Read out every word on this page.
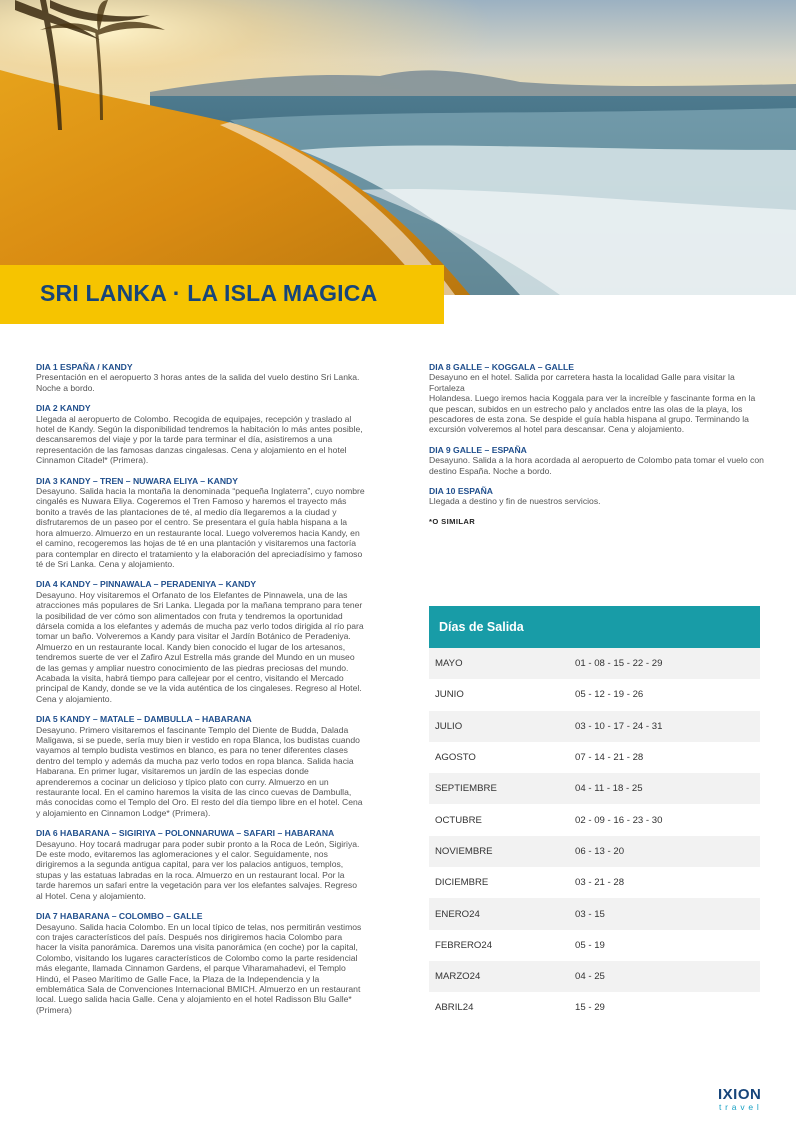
SRI LANKA · LA ISLA MAGICA
DIA 1 ESPAÑA / KANDY
Presentación en el aeropuerto 3 horas antes de la salida del vuelo destino Sri Lanka. Noche a bordo.
DIA 2 KANDY
Llegada al aeropuerto de Colombo. Recogida de equipajes, recepción y traslado al hotel de Kandy. Según la disponibilidad tendremos la habitación lo más antes posible, descansaremos del viaje y por la tarde para terminar el día, asistiremos a una representación de las famosas danzas cingalesas. Cena y alojamiento en el hotel Cinnamon Citadel* (Primera).
DIA 3 KANDY – TREN – NUWARA ELIYA – KANDY
Desayuno. Salida hacia la montaña la denominada “pequeña Inglaterra”, cuyo nombre cingalés es Nuwara Eliya. Cogeremos el Tren Famoso y haremos el trayecto más bonito a través de las plantaciones de té, al medio día llegaremos a la ciudad y disfrutaremos de un paseo por el centro. Se presentara el guía habla hispana a la hora almuerzo. Almuerzo en un restaurante local. Luego volveremos hacia Kandy, en el camino, recogeremos las hojas de té en una plantación y visitaremos una factoría para contemplar en directo el tratamiento y la elaboración del apreciadísimo y famoso té de Sri Lanka. Cena y alojamiento.
DIA 4 KANDY – PINNAWALA – PERADENIYA – KANDY
Desayuno. Hoy visitaremos el Orfanato de los Elefantes de Pinnawela, una de las atracciones más populares de Sri Lanka. Llegada por la mañana temprano para tener la posibilidad de ver cómo son alimentados con fruta y tendremos la oportunidad dársela comida a los elefantes y además de mucha paz verlo todos dirigida al río para tomar un baño. Volveremos a Kandy para visitar el Jardín Botánico de Peradeniya. Almuerzo en un restaurante local. Kandy bien conocido el lugar de los artesanos, tendremos suerte de ver el Zafiro Azul Estrella más grande del Mundo en un museo de las gemas y ampliar nuestro conocimiento de las piedras preciosas del mundo. Acabada la visita, habrá tiempo para callejear por el centro, visitando el Mercado principal de Kandy, donde se ve la vida auténtica de los cingaleses. Regreso al Hotel. Cena y alojamiento.
DIA 5 KANDY – MATALE – DAMBULLA – HABARANA
Desayuno. Primero visitaremos el fascinante Templo del Diente de Budda, Dalada Maligawa, si se puede, sería muy bien ir vestido en ropa Blanca, los budistas cuando vayamos al templo budista vestimos en blanco, es para no tener diferentes clases dentro del templo y además da mucha paz verlo todos en ropa blanca. Salida hacia Habarana. En primer lugar, visitaremos un jardín de las especias donde aprenderemos a cocinar un delicioso y típico plato con curry. Almuerzo en un restaurante local. En el camino haremos la visita de las cinco cuevas de Dambulla, más conocidas como el Templo del Oro. El resto del día tiempo libre en el hotel. Cena y alojamiento en Cinnamon Lodge* (Primera).
DIA 6 HABARANA – SIGIRIYA – POLONNARUWA – SAFARI – HABARANA
Desayuno. Hoy tocará madrugar para poder subir pronto a la Roca de León, Sigiriya. De este modo, evitaremos las aglomeraciones y el calor. Seguidamente, nos dirigiremos a la segunda antigua capital, para ver los palacios antiguos, templos, stupas y las estatuas labradas en la roca. Almuerzo en un restaurant local. Por la tarde haremos un safari entre la vegetación para ver los elefantes salvajes. Regreso al Hotel. Cena y alojamiento.
DIA 7 HABARANA – COLOMBO – GALLE
Desayuno. Salida hacia Colombo. En un local típico de telas, nos permitirán vestimos con trajes característicos del país. Después nos dirigiremos hacia Colombo para hacer la visita panorámica. Daremos una visita panorámica (en coche) por la capital, Colombo, visitando los lugares característicos de Colombo como la parte residencial más elegante, llamada Cinnamon Gardens, el parque Viharamahadevi, el Templo Hindú, el Paseo Marítimo de Galle Face, la Plaza de la Independencia y la emblemática Sala de Convenciones Internacional BMICH. Almuerzo en un restaurant local. Luego salida hacia Galle. Cena y alojamiento en el hotel Radisson Blu Galle* (Primera)
DIA 8 GALLE – KOGGALA – GALLE
Desayuno en el hotel. Salida por carretera hasta la localidad Galle para visitar la Fortaleza
Holandesa. Luego iremos hacia Koggala para ver la increíble y fascinante forma en la que pescan, subidos en un estrecho palo y anclados entre las olas de la playa, los pescadores de esta zona. Se despide el guía habla hispana al grupo. Terminando la excursión volveremos al hotel para descansar. Cena y alojamiento.
DIA 9 GALLE – ESPAÑA
Desayuno. Salida a la hora acordada al aeropuerto de Colombo pata tomar el vuelo con destino España. Noche a bordo.
DIA 10 ESPAÑA
Llegada a destino y fin de nuestros servicios.
*O SIMILAR
Días de Salida
MAYO	01 - 08 - 15 - 22 - 29
JUNIO	05 - 12 - 19 - 26
JULIO	03 - 10 - 17 - 24 - 31
AGOSTO	07 - 14 - 21 - 28
SEPTIEMBRE	04 - 11 - 18 - 25
OCTUBRE	02 - 09 - 16 - 23 - 30
NOVIEMBRE	06 - 13 - 20
DICIEMBRE	03 - 21 - 28
ENERO24	03 - 15
FEBRERO24	05 - 19
MARZO24	04 - 25
ABRIL24	15 - 29
IXION
travel
